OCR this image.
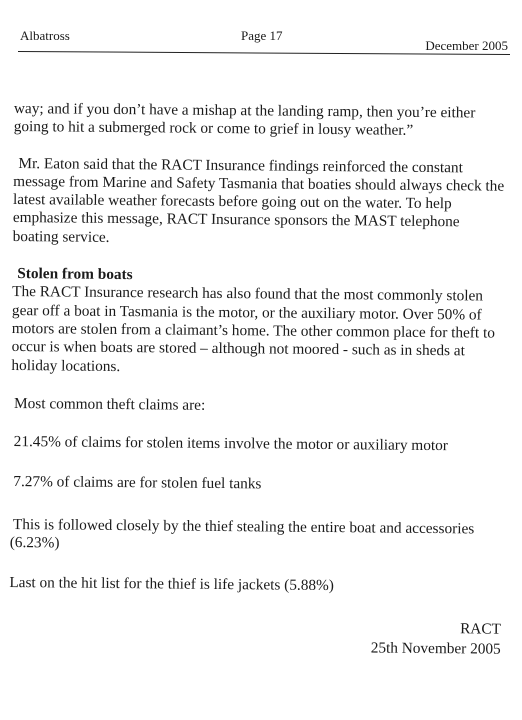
Albatross	Page 17
December 2005

way; and if you don’t have a mishap at the landing ramp, then you’re either going to hit a submerged rock or come to grief in lousy weather.”

Mr. Eaton said that the RACT Insurance findings reinforced the constant message from Marine and Safety Tasmania that boaties should always check the latest available weather forecasts before going out on the water. To help emphasize this message, RACT Insurance sponsors the MAST telephone boating service.

Stolen from boats

The RACT Insurance research has also found that the most commonly stolen gear off a boat in Tasmania is the motor, or the auxiliary motor. Over 50% of motors are stolen from a claimant’s home. The other common place for theft to occur is when boats are stored – although not moored - such as in sheds at holiday locations.

Most common theft claims are:

21.45% of claims for stolen items involve the motor or auxiliary motor

7.27% of claims are for stolen fuel tanks

This is followed closely by the thief stealing the entire boat and accessories (6.23%)

Last on the hit list for the thief is life jackets (5.88%)

RACT
25th November 2005
